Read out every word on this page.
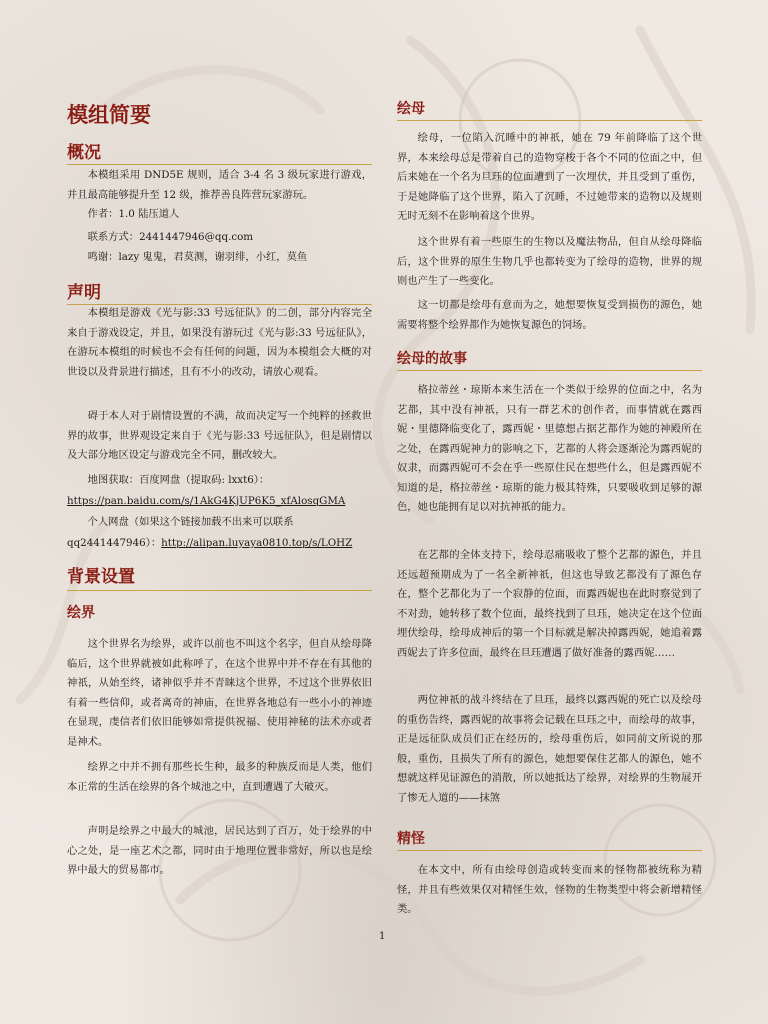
模组简要
概况

本模组采用 DND5E 规则，适合 3-4 名 3 级玩家进行游戏，并且最高能够提升至 12 级，推荐善良阵营玩家游玩。

作者：1.0 陆压道人

联系方式：2441447946@qq.com

鸣谢：lazy 鬼鬼，君莫测，谢羽绯，小红，莫鱼

声明

本模组是游戏《光与影:33 号远征队》的二创，部分内容完全来自于游戏设定，并且，如果没有游玩过《光与影:33 号远征队》，在游玩本模组的时候也不会有任何的问题，因为本模组会大概的对世设以及背景进行描述，且有不小的改动，请放心观看。

碍于本人对于剧情设置的不满，故而决定写一个纯粹的拯救世界的故事，世界观设定来自于《光与影:33 号远征队》，但是剧情以及大部分地区设定与游戏完全不同，删改较大。

地图获取：百度网盘（提取码: lxxt6）：

https://pan.baidu.com/s/1AkG4KjUP6K5_xfAlosqGMA

个人网盘（如果这个链接加载不出来可以联系

qq2441447946）：http://alipan.luyaya0810.top/s/LOHZ

背景设置
绘界

这个世界名为绘界，或许以前也不叫这个名字，但自从绘母降临后，这个世界就被如此称呼了，在这个世界中并不存在有其他的神祇，从始至终，诸神似乎并不青睐这个世界，不过这个世界依旧有着一些信仰，或者离奇的神庙，在世界各地总有一些小小的神迹在显现，虔信者们依旧能够如常提供祝福、使用神秘的法术亦或者是神术。

绘界之中并不拥有那些长生种，最多的种族反而是人类，他们本正常的生活在绘界的各个城池之中，直到遭遇了大破灭。

声明是绘界之中最大的城池，居民达到了百万，处于绘界的中心之处，是一座艺术之都，同时由于地理位置非常好，所以也是绘界中最大的贸易都市。

绘母

绘母，一位陷入沉睡中的神祇，她在 79 年前降临了这个世界，本来绘母总是带着自己的造物穿梭于各个不同的位面之中，但后来她在一个名为旦珏的位面遭到了一次埋伏，并且受到了重伤，于是她降临了这个世界，陷入了沉睡，不过她带来的造物以及规则无时无刻不在影响着这个世界。

这个世界有着一些原生的生物以及魔法物品，但自从绘母降临后，这个世界的原生生物几乎也都转变为了绘母的造物，世界的规则也产生了一些变化。

这一切都是绘母有意而为之，她想要恢复受到损伤的源色，她需要将整个绘界都作为她恢复源色的饲场。

绘母的故事

格拉蒂丝・琼斯本来生活在一个类似于绘界的位面之中，名为艺都，其中没有神祇，只有一群艺术的创作者，而事情就在露西妮・里德降临变化了，露西妮・里德想占据艺都作为她的神殿所在之处，在露西妮神力的影响之下，艺都的人将会逐渐沦为露西妮的奴隶，而露西妮可不会在乎一些原住民在想些什么，但是露西妮不知道的是，格拉蒂丝・琼斯的能力极其特殊，只要吸收到足够的源色，她也能拥有足以对抗神祇的能力。

在艺都的全体支持下，绘母忍痛吸收了整个艺都的源色，并且还远超预期成为了一名全新神祇，但这也导致艺都没有了源色存在，整个艺都化为了一个寂静的位面，而露西妮也在此时察觉到了不对劲，她转移了数个位面，最终找到了旦珏，她决定在这个位面埋伏绘母，绘母成神后的第一个目标就是解决掉露西妮，她追着露西妮去了许多位面，最终在旦珏遭遇了做好准备的露西妮……

两位神祇的战斗终结在了旦珏，最终以露西妮的死亡以及绘母的重伤告终，露西妮的故事将会记载在旦珏之中，而绘母的故事，正是远征队成员们正在经历的，绘母重伤后，如同前文所说的那般，重伤，且损失了所有的源色，她想要保住艺都人的源色，她不想就这样见证源色的消散，所以她抵达了绘界，对绘界的生物展开了惨无人道的——抹煞

精怪

在本文中，所有由绘母创造或转变而来的怪物都被统称为精怪，并且有些效果仅对精怪生效，怪物的生物类型中将会新增精怪类。

1
